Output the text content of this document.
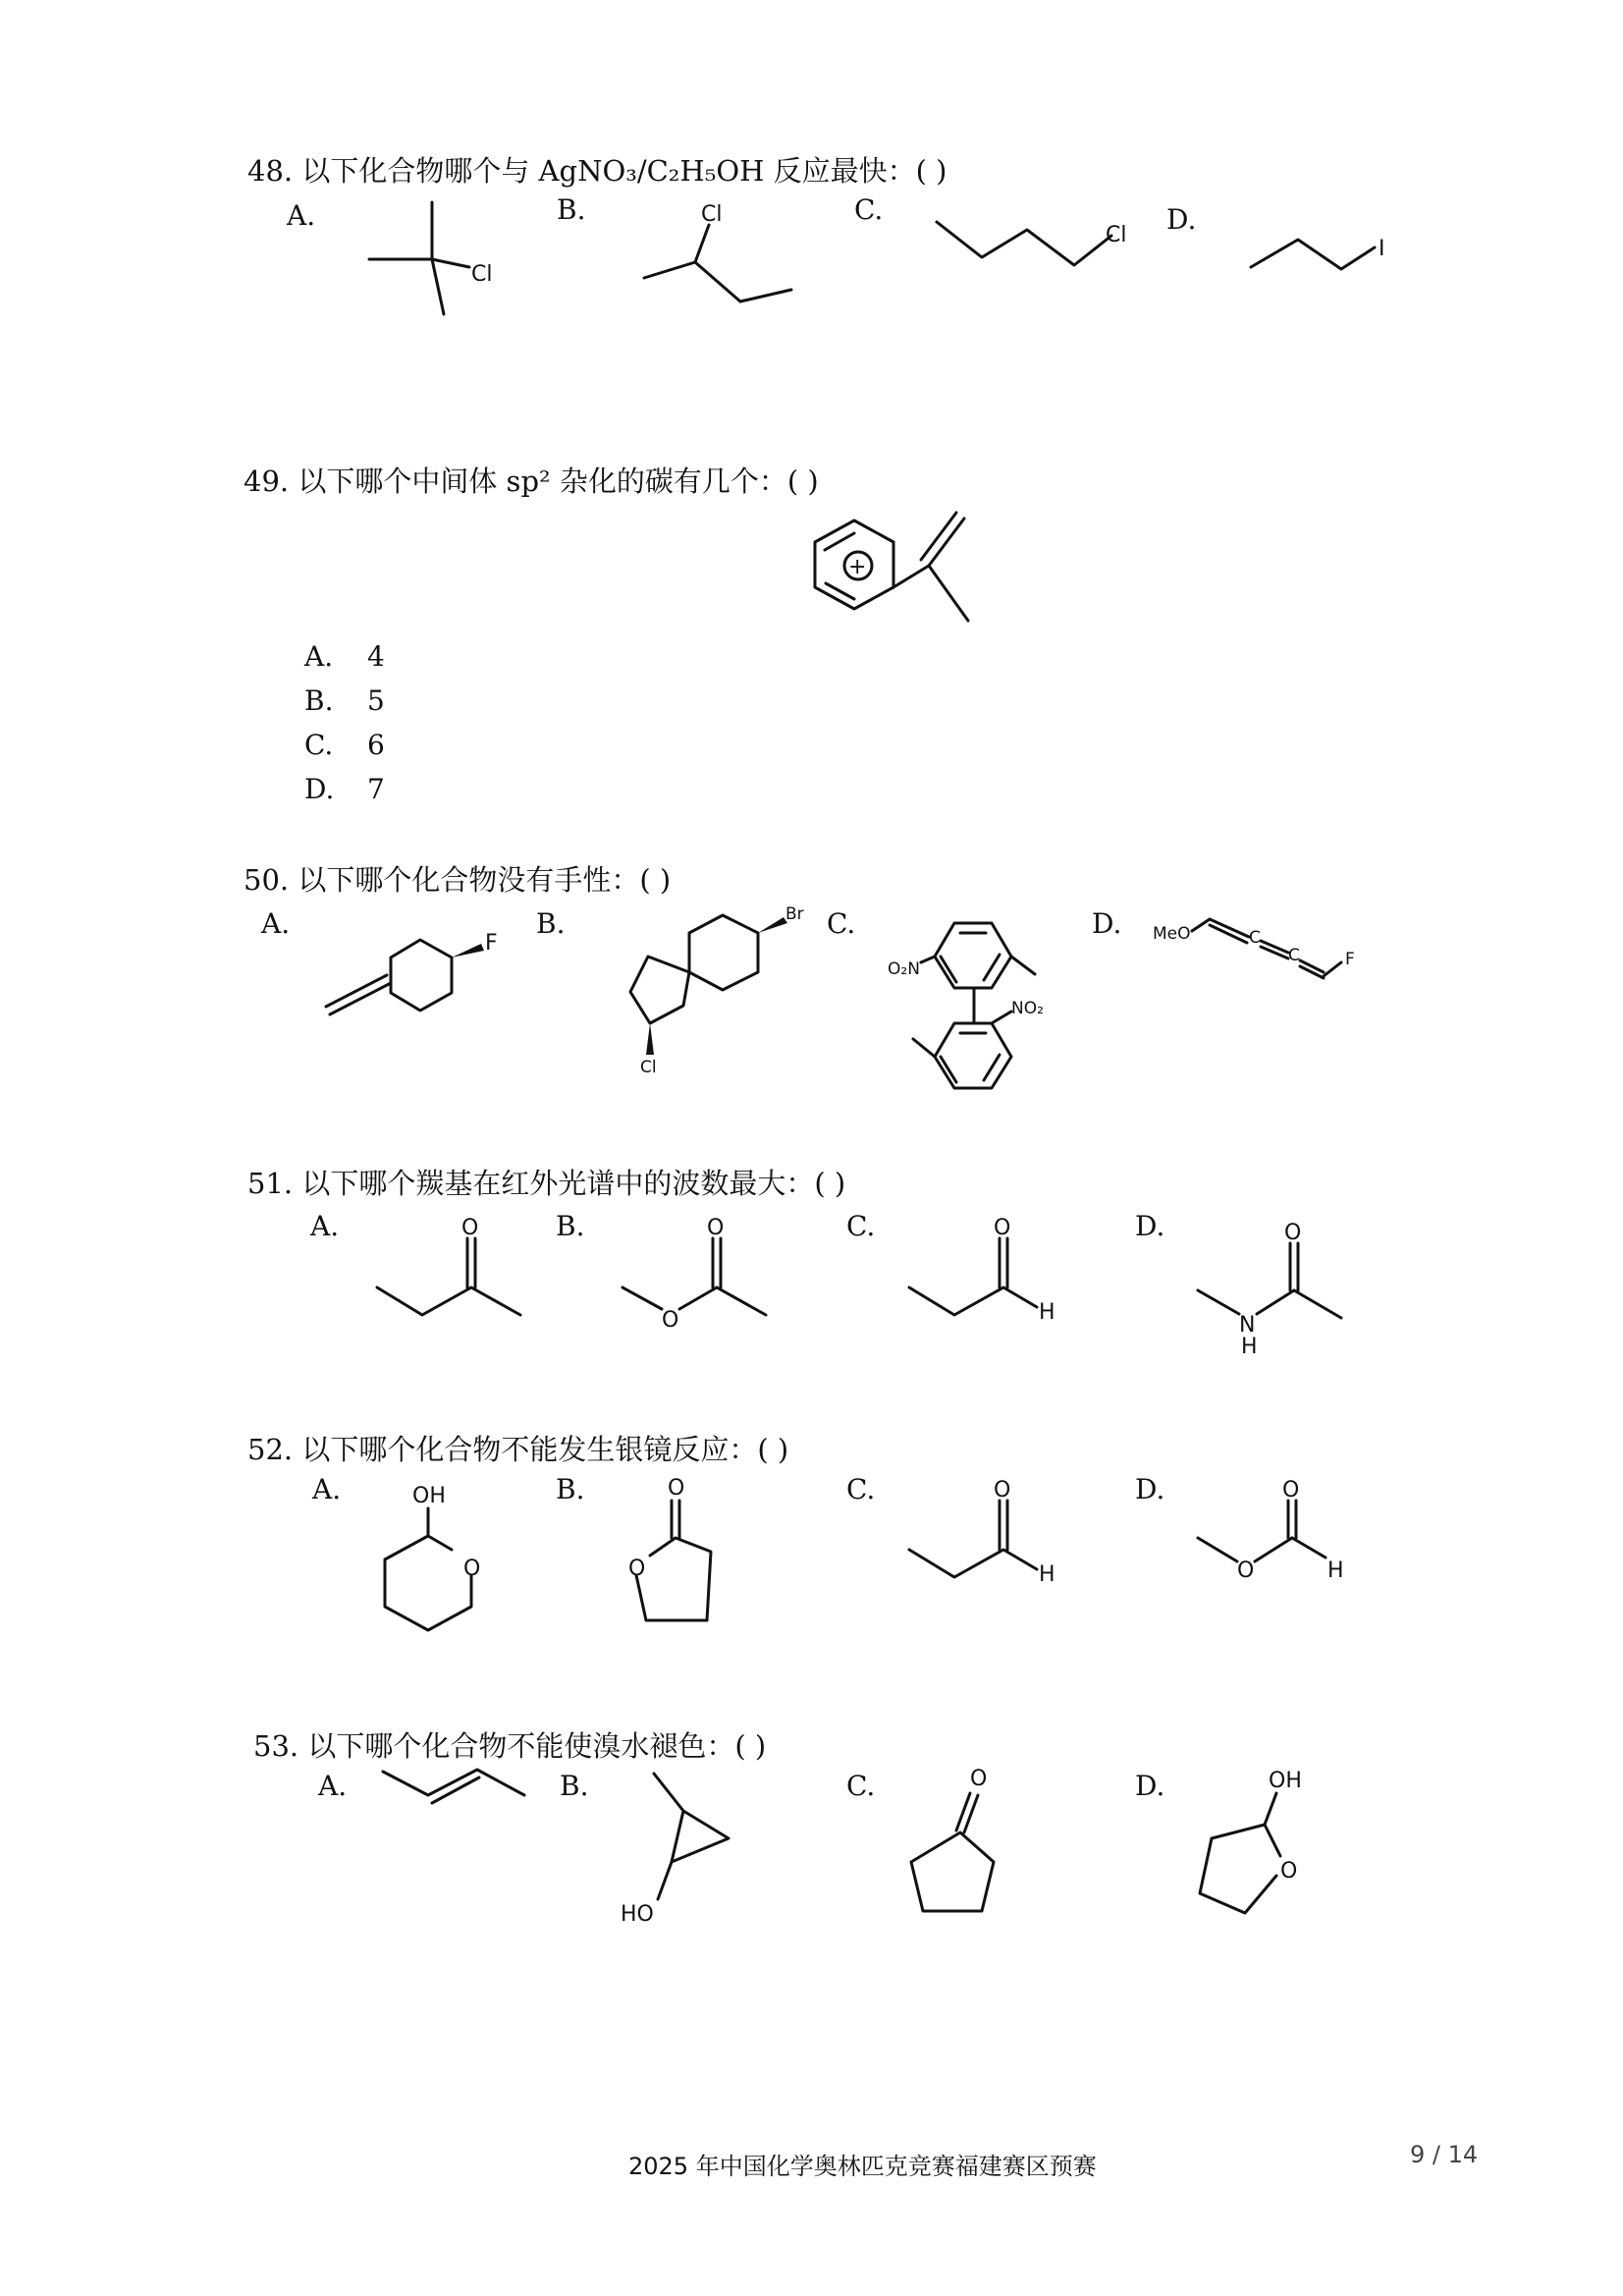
48. 以下化合物哪个与 AgNO₃/C₂H₅OH 反应最快：( )
A.	B.	C.	D.
Cl
Cl
Cl
I
49. 以下哪个中间体 sp² 杂化的碳有几个：( )
+
A. 4
B. 5
C. 6
D. 7
50. 以下哪个化合物没有手性：( )
A.	B.	C.	D.
F
Br
Cl
O₂N
NO₂
MeO	C
C	F
51. 以下哪个羰基在红外光谱中的波数最大：( )
A.	B.	C.	D.
O
O
O	O
H
N
H
O
52. 以下哪个化合物不能发生银镜反应：( )
A.	B.	C.	D.
OH
O
O
O
O
H	O	H
O
53. 以下哪个化合物不能使溴水褪色：( )
A.	B.	C.	D.
HO
O	OH
O
2025 年中国化学奥林匹克竞赛福建赛区预赛	9 / 14
